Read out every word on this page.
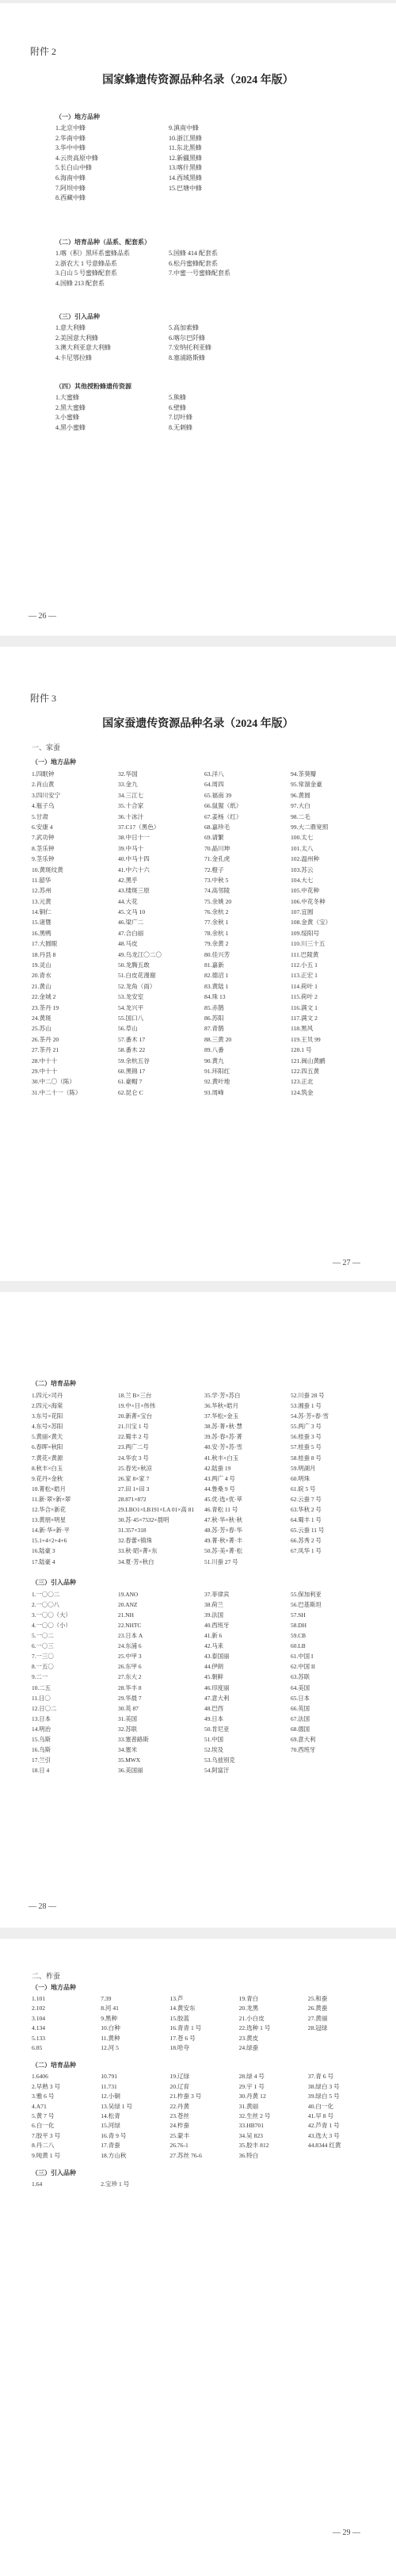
附件 2
国家蜂遗传资源品种名录（2024 年版）
（一）地方品种
1.北京中蜂
2.华南中蜂
3.华中中蜂
4.云贵高原中蜂
5.长白山中蜂
6.海南中蜂
7.阿坝中蜂
8.西藏中蜂
9.滇南中蜂
10.浙江黑蜂
11.东北黑蜂
12.新疆黑蜂
13.喀什黑蜂
14.西域黑蜂
15.巴塘中蜂
（二）培育品种（品系、配套系）
1.喀（积）黑环系蜜蜂品系
2.浙农大 1 号意蜂品系
3.白山 5 号蜜蜂配套系
4.国蜂 213 配套系
5.国蜂 414 配套系
6.松丹蜜蜂配套系
7.中蜜一号蜜蜂配套系
（三）引入品种
1.意大利蜂
2.美国意大利蜂
3.澳大利亚意大利蜂
4.卡尼鄂拉蜂
5.高加索蜂
6.喀尔巴阡蜂
7.安纳托利亚蜂
8.塞浦路斯蜂
（四）其他授粉蜂遗传资源
1.大蜜蜂
2.黑大蜜蜂
3.小蜜蜂
4.黑小蜜蜂
5.熊蜂
6.壁蜂
7.切叶蜂
8.无刺蜂
— 26 —
附件 3
国家蚕遗传资源品种名录（2024 年版）
一、家蚕
（一）地方品种
1.四眠钟
2.肖山黄
3.四川安宁
4.瓶子乌
5.甘肃
6.安康 4
7.武功钟
8.茎乐钟
9.茎乐钟
10.黄斑纹黄
11.韶华
12.苏州
13.元黄
14.铜仁
15.诸暨
16.黑鸭
17.大圆眼
18.丹县 8
19.灵山
20.青水
21.黄山
22.金城 2
23.茶丹 19
24.黄斑
25.苏山
26.茶丹 20
27.茶丹 21
28.中十十
29.中十十
30.中二〇（陈）
31.中二十一（陈）
32.华国
33.金九
34.三江七
35.十合家
36.十冰汁
37.C17（黑色）
38.中日十一
39.中马十
40.中马十四
41.中六十六
42.黑乎
43.缕斑三原
44.大花
45.文马 10
46.梁广二
47.合白丽
48.马皮
49.乌龙江〇二〇
50.龙腾五敢
51.白皮花漫谢
52.龙角（雨）
53.龙安室
54.龙兴平
55.国口八
56.草山
57.番木 17
58.番木 22
59.余杭五谷
60.黑锦 17
61.豪帽 7
62.昆仑 C
63.洋八
64.周四
65.福南 39
66.鼠猩（纸）
67.姜杨（红）
68.嘉珍毛
69.请繁
70.晶川坤
71.金孔虎
72.橙子
73.中秋 5
74.高邻陵
75.余姚 20
76.余杭 2
77.余秋 1
78.余杭 1
79.余黄 2
80.佳兴芳
81.嘉新
82.德沼 1
83.黄陆 1
84.珠 13
85.赤鹊
86.苏阳
87.青鹊
88.三黄 20
89.八番
90.黄九
91.环阳红
92.黄叶地
93.周峰
94.茶葵瓣
95.常溜金豪
96.黄圆
97.大白
98.二毛
99.大二鼎宽照
100.太七
101.太八
102.温州种
103.苏云
104.大七
105.中花种
106.中花冬种
107.宜圆
108.金黄（宝）
109.绥阳号
110.川三十五
111.巴陵黄
112.小五 1
113.正宏 1
114.荷叶 1
115.荷叶 2
116.满文 1
117.满文 2
118.黑风
119.王贝 99
120.1 号
121.闽山黄鹂
122.四五黄
123.正北
124.筑金
— 27 —
（二）培育品种
1.四元×司丹
2.四元×海棠
3.东号×花阳
4.东号×苏阳
5.黄丽×黄天
6.春晖×秋阳
7.黄花×黄源
8.秋丰×白玉
9.花丹×金秋
10.菁松×皓月
11.新·翠×新×翠
12.华合×新花
13.黄朋×明星
14.新·华×新·平
15.1+4×2+4+6
16.陆豪 3
17.陆豪 4
18.兰 B×三台
19.中×日×伟伟
20.新菁×宝台
21.川宝 1 号
22.蜀丰 2 号
23.两广二号
24.华农 3 号
25.春光×秋凉
26.家 8×家 7
27.田 1×田 3
28.871×872
29.LBO1×LB191×LA 01×高 81
30.苏·45×7532×晨明
31.357×318
32.春蕾×镇珠
33.秋·昭×菁×东
34.夏·芳×秋白
35.学·芳×苏白
36.华秋×皓月
37.华松×金玉
38.苏·菁×秋·慧
39.苏·春×苏·菁
40.安·芳×苏·雪
41.秋丰×白玉
42.陆蚕 19
43.两广 4 号
44.鲁桑 9 号
45.优·选×优·萃
46.青松 11 号
47.秋·华×秋·秋
48.苏·芳×春·华
49.菁·秋×菁·丰
50.苏·美×菁·松
51.川蚕 27 号
52.川蚕 28 号
53.湘蚕 1 号
54.苏·芳×春·雪
55.两广 3 号
56.桂蚕 3 号
57.桂蚕 5 号
58.桂蚕 8 号
59.明湖月
60.明珠
61.皖 5 号
62.云蚕 7 号
63.华秋 2 号
64.蜀丰 1 号
65.云蚕 11 号
66.苏秀 2 号
67.凤华 1 号
（三）引入品种
1.一〇〇二
2.一〇〇八
3.一〇〇（大）
4.一〇〇（小）
5.一〇二
6.一〇三
7.一三〇
8.一五〇
9.二一
10.二五
11.日〇
12.日〇二
13.日本
14.明治
15.乌斯
16.乌斯
17.兰引
18.日 4
19.ANO
20.ANZ
21.NH
22.NHTC
23.日本 A
24.东浦 6
25.中甲 3
26.东甲 6
27.东大 2
28.华丰 8
29.华晨 7
30.英 87
31.美国
32.苏联
33.塞普路斯
34.塞米
35.MWX
36.美国丽
37.菲律宾
38.荷兰
39.法国
40.西班牙
41.新 6
42.马来
43.泰国丽
44.伊朗
45.朝鲜
46.印度丽
47.意大利
48.巴西
49.日本
50.肯尼亚
51.中国
52.埃及
53.乌兹别克
54.阿富汗
55.保加利亚
56.巴基斯坦
57.SH
58.DH
59.CB
60.LB
61.中国 I
62.中国 II
63.苏联
64.美国
65.日本
66.英国
67.法国
68.德国
69.意大利
70.西班牙
— 28 —
二、柞蚕
（一）地方品种
1.101
2.102
3.104
4.134
5.133
6.85
7.39
8.河 41
9.黑种
10.白种
11.黄种
12.河 5
13.芦
14.黄安东
15.胶蓝
16.青青 1 号
17.苍 6 号
18.哈夸
19.青白
20.龙黑
21.小白皮
22.选种 1 号
23.黄皮
24.绿蚕
25.和蚕
26.黄蚕
27.黄丽
28.冠绿
（二）培育品种
1.6406
2.早熟 3 号
3.雅 6 号
4.A71
5.黄 7 号
6.白一化
7.胶平 3 号
8.丹二八
9.吨黄 1 号
10.791
11.731
12.小铜
13.吴绿 1 号
14.松青
15.河绿
16.青 9 号
17.青蚕
18.方山秋
19.辽绿
20.辽育
21.柞蚕 3 号
22.丹黄
23.苍丝
24.柞蚕
25.蒙丰
26.76-1
27.苏丝 76-6
28.绿 4 号
29.宇 1 号
30.丹黄 12
31.黄丽
32.生丝 2 号
33.HB701
34.吴 823
35.胶丰 812
36.特白
37.青 6 号
38.绿白 3 号
39.绿白 5 号
40.白一化
41.早 8 号
42.芦青 1 号
43.选大 3 号
44.8344 红黄
（三）引入品种
1.64	2.宝珍 1 号
— 29 —
